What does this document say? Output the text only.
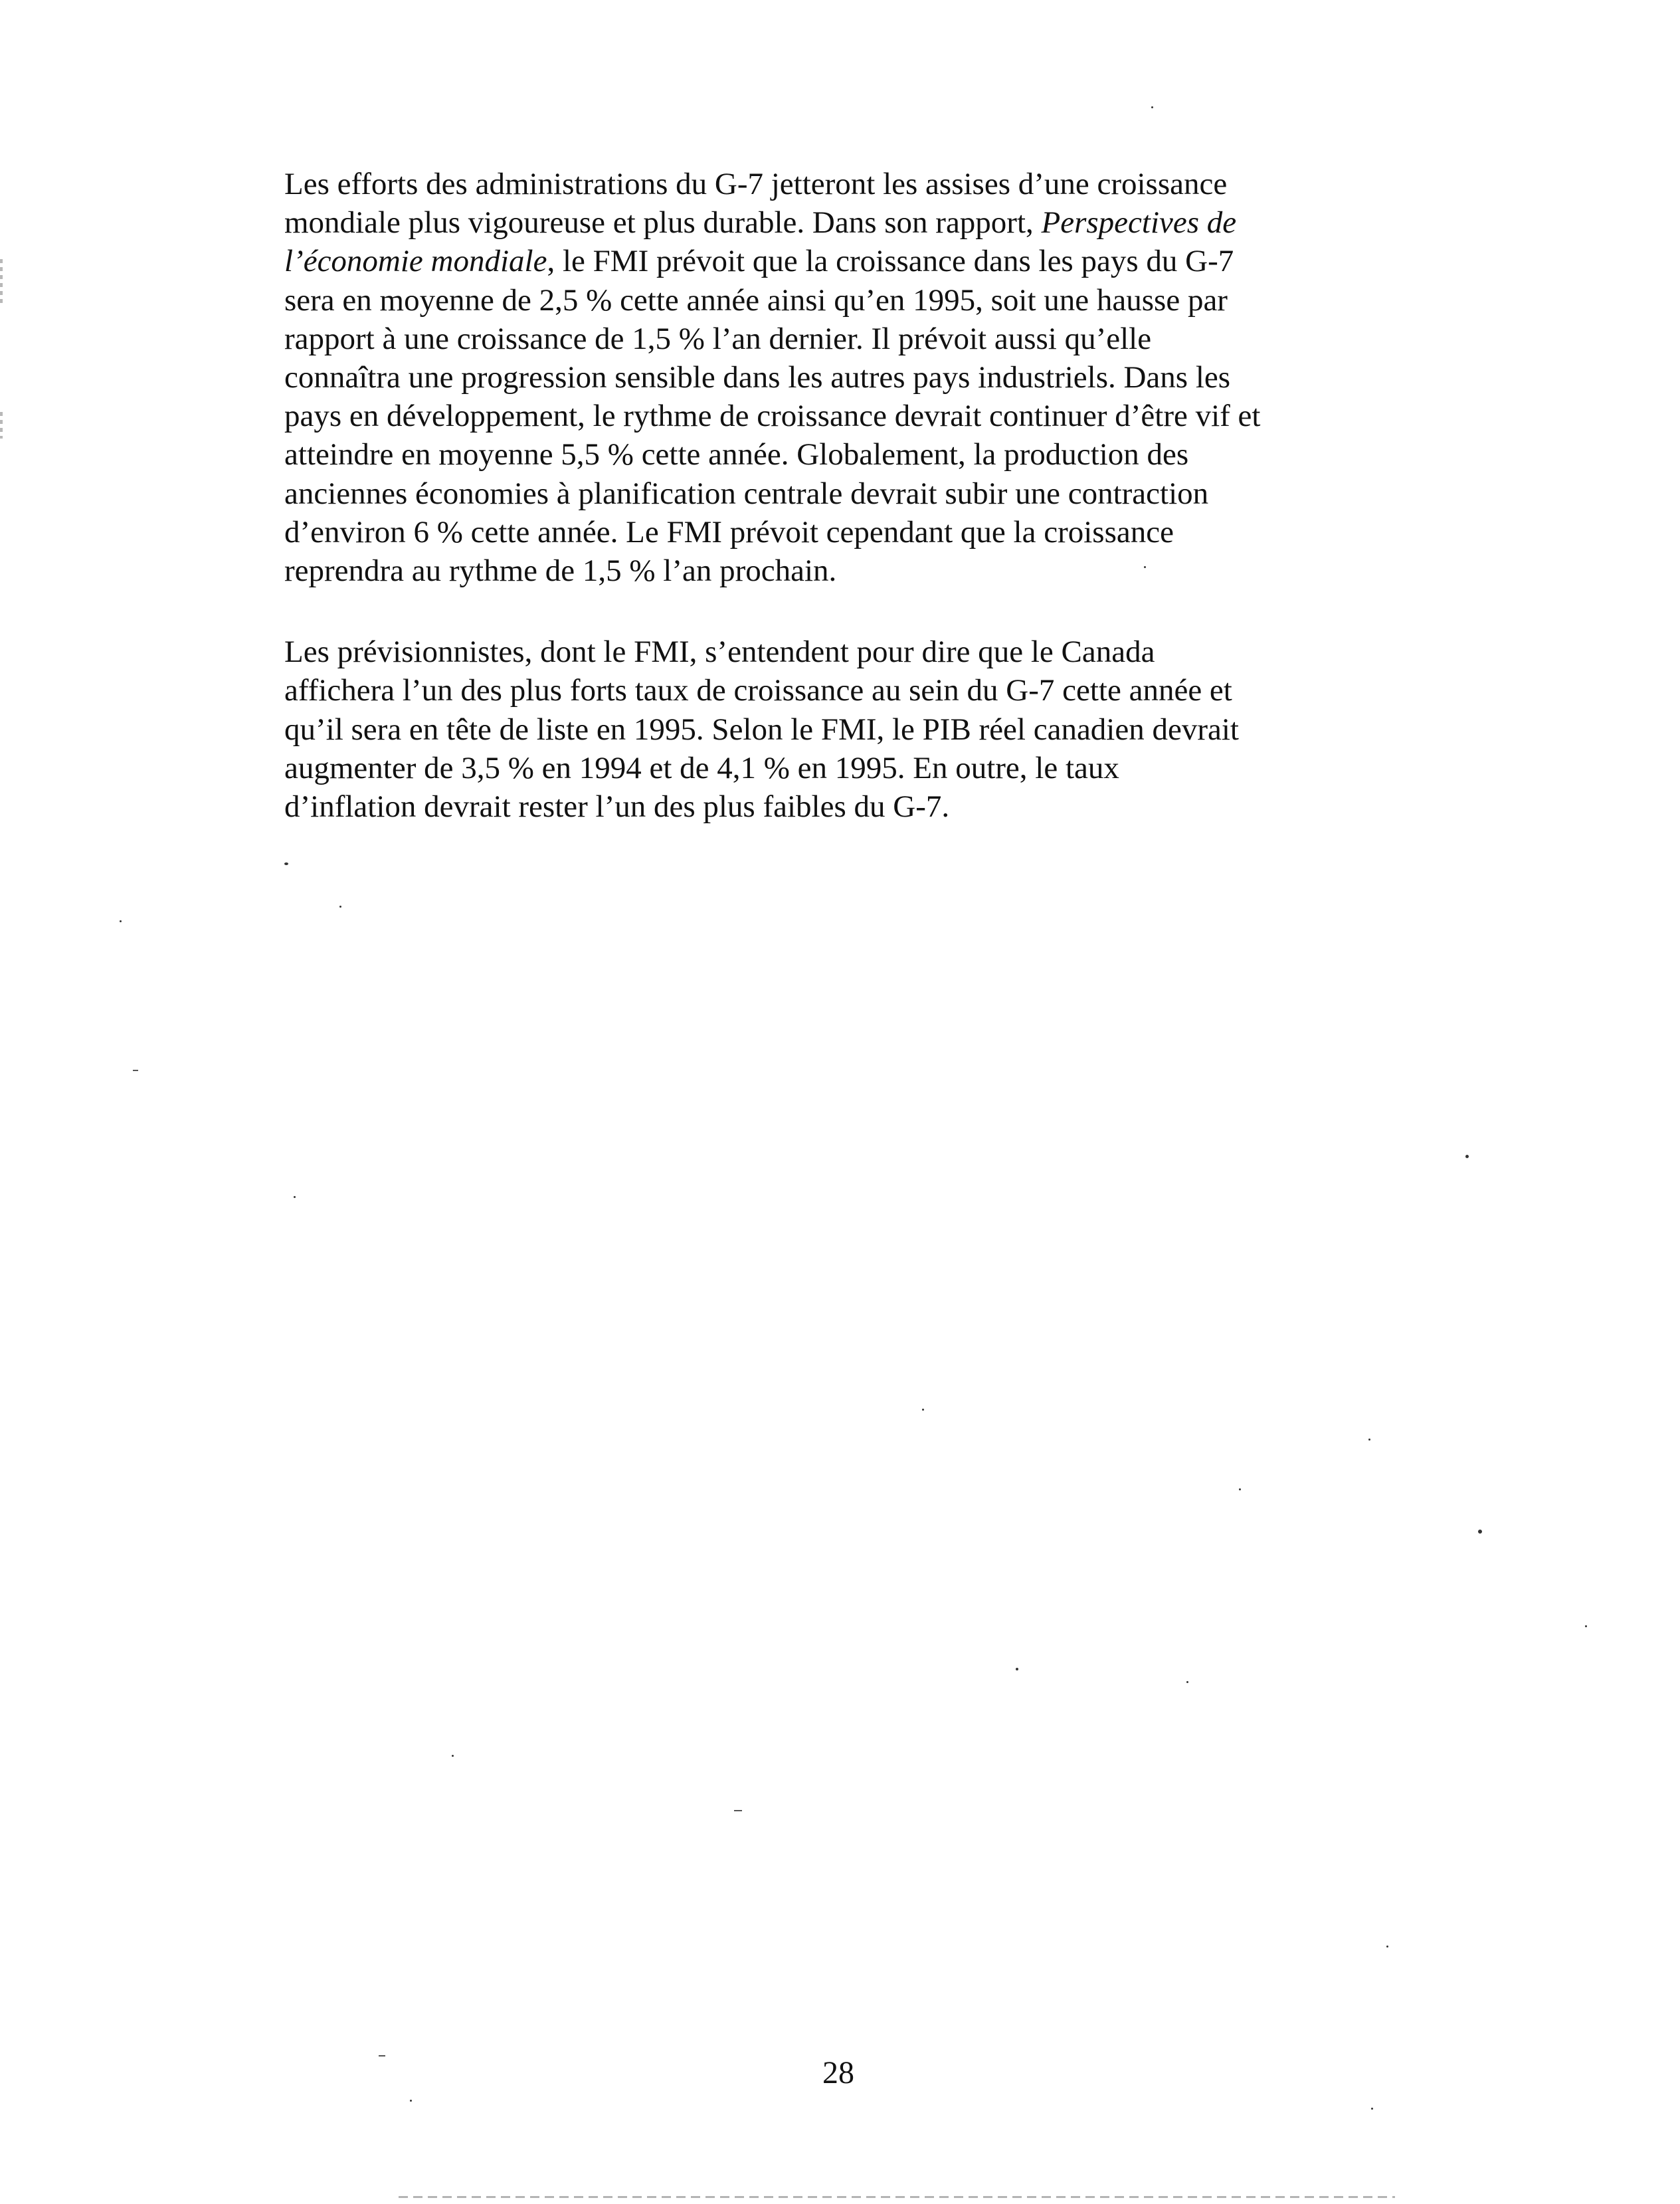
Les efforts des administrations du G-7 jetteront les assises d’une croissance
mondiale plus vigoureuse et plus durable. Dans son rapport, Perspectives de
l’économie mondiale, le FMI prévoit que la croissance dans les pays du G-7
sera en moyenne de 2,5 % cette année ainsi qu’en 1995, soit une hausse par
rapport à une croissance de 1,5 % l’an dernier. Il prévoit aussi qu’elle
connaîtra une progression sensible dans les autres pays industriels. Dans les
pays en développement, le rythme de croissance devrait continuer d’être vif et
atteindre en moyenne 5,5 % cette année. Globalement, la production des
anciennes économies à planification centrale devrait subir une contraction
d’environ 6 % cette année. Le FMI prévoit cependant que la croissance
reprendra au rythme de 1,5 % l’an prochain.

Les prévisionnistes, dont le FMI, s’entendent pour dire que le Canada
affichera l’un des plus forts taux de croissance au sein du G-7 cette année et
qu’il sera en tête de liste en 1995. Selon le FMI, le PIB réel canadien devrait
augmenter de 3,5 % en 1994 et de 4,1 % en 1995. En outre, le taux
d’inflation devrait rester l’un des plus faibles du G-7.

28
